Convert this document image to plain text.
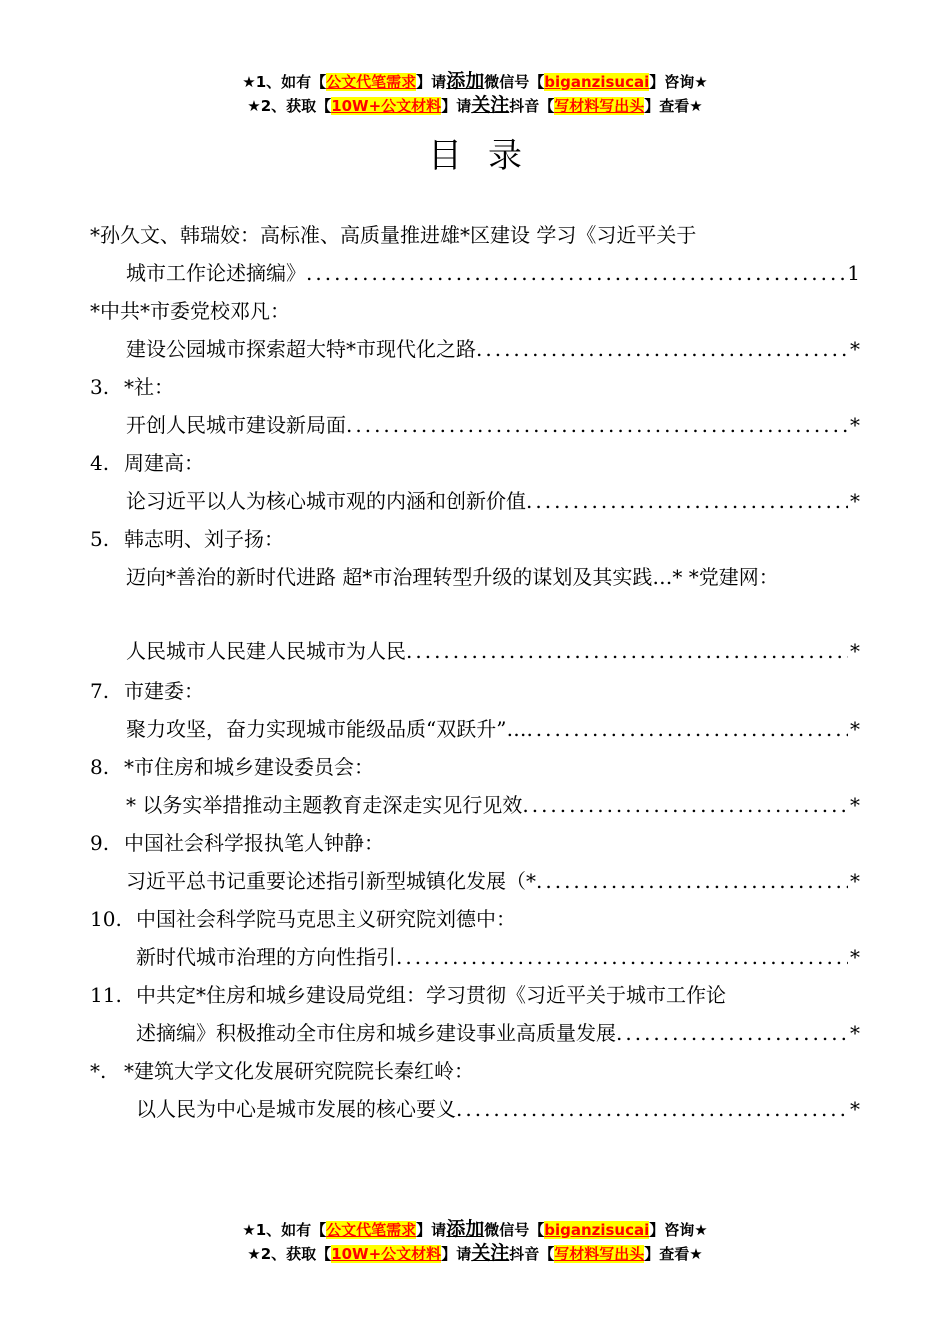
★1、如有【公文代笔需求】请添加微信号【biganzisucai】咨询★
★2、获取【10W+公文材料】请关注抖音【写材料写出头】查看★
目录
*孙久文、韩瑞姣：高标准、高质量推进雄*区建设 学习《习近平关于
城市工作论述摘编》 .....	1
*中共*市委党校邓凡：
建设公园城市探索超大特*市现代化之路 .....	*
3. *社：
开创人民城市建设新局面 .....	*
4. 周建高：
论习近平以人为核心城市观的内涵和创新价值 .....	*
5. 韩志明、刘子扬：
迈向*善治的新时代进路 超*市治理转型升级的谋划及其实践…* *党建网：
人民城市人民建人民城市为人民 .....	*
7. 市建委：
聚力攻坚，奋力实现城市能级品质“双跃升”… .....	*
8. *市住房和城乡建设委员会：
* 以务实举措推动主题教育走深走实见行见效 .....	*
9. 中国社会科学报执笔人钟静：
习近平总书记重要论述指引新型城镇化发展（* .....	*
10. 中国社会科学院马克思主义研究院刘德中：
新时代城市治理的方向性指引 .....	*
11. 中共定*住房和城乡建设局党组：学习贯彻《习近平关于城市工作论
述摘编》积极推动全市住房和城乡建设事业高质量发展 .....	*
*. *建筑大学文化发展研究院院长秦红岭：
以人民为中心是城市发展的核心要义 .....	*
★1、如有【公文代笔需求】请添加微信号【biganzisucai】咨询★
★2、获取【10W+公文材料】请关注抖音【写材料写出头】查看★
